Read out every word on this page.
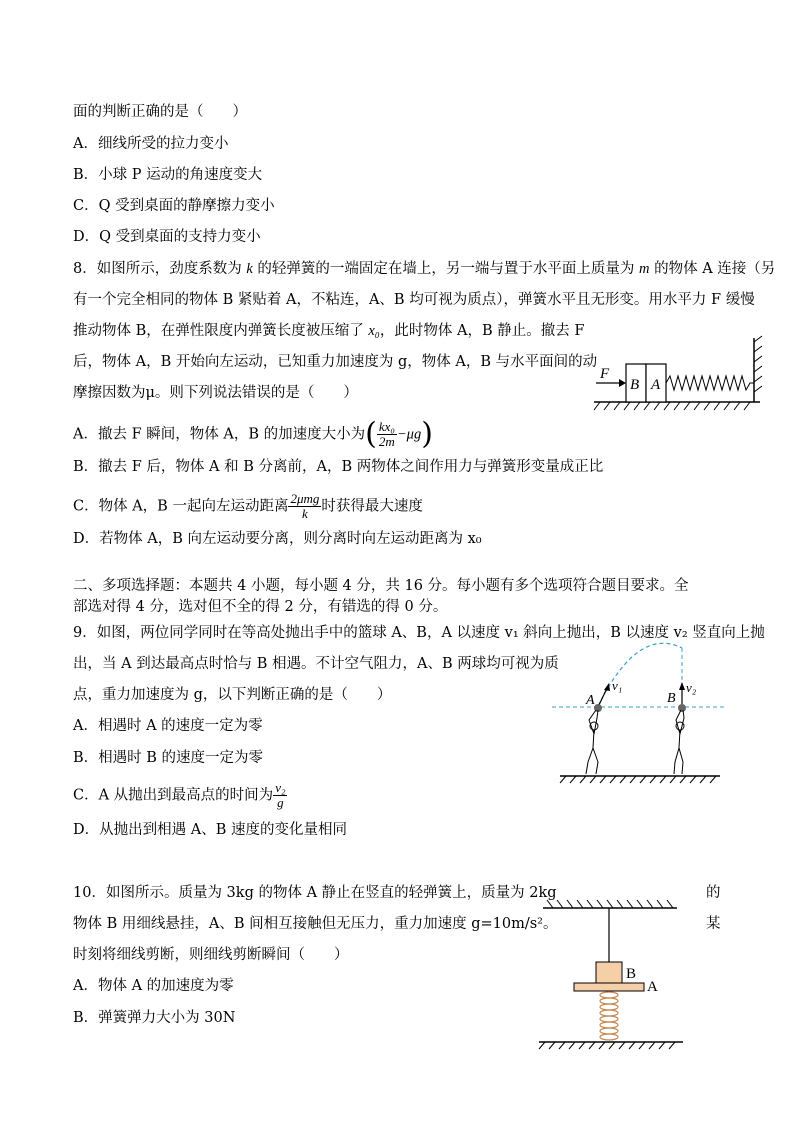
面的判断正确的是（　　）
A．细线所受的拉力变小
B．小球 P 运动的角速度变大
C．Q 受到桌面的静摩擦力变小
D．Q 受到桌面的支持力变小
8．如图所示，劲度系数为 k 的轻弹簧的一端固定在墙上，另一端与置于水平面上质量为 m 的物体 A 连接（另
有一个完全相同的物体 B 紧贴着 A，不粘连，A、B 均可视为质点），弹簧水平且无形变。用水平力 F 缓慢
推动物体 B，在弹性限度内弹簧长度被压缩了 x₀，此时物体 A，B 静止。撤去 F
后，物体 A，B 开始向左运动，已知重力加速度为 g，物体 A，B 与水平面间的动
摩擦因数为μ。则下列说法错误的是（　　）
F
B A
A．撤去 F 瞬间，物体 A，B 的加速度大小为( $\frac{\text{kx₀}}{2m} -\mu g$)
B．撤去 F 后，物体 A 和 B 分离前，A，B 两物体之间作用力与弹簧形变量成正比
C．物体 A，B 一起向左运动距离 $\frac{\text{2μmg}}{k}$ 时获得最大速度
D．若物体 A，B 向左运动要分离，则分离时向左运动距离为 x₀
二、多项选择题：本题共 4 小题，每小题 4 分，共 16 分。每小题有多个选项符合题目要求。全
部选对得 4 分，选对但不全的得 2 分，有错选的得 0 分。
9．如图，两位同学同时在等高处抛出手中的篮球 A、B，A 以速度 v₁ 斜向上抛出，B 以速度 v₂ 竖直向上抛
出，当 A 到达最高点时恰与 B 相遇。不计空气阻力，A、B 两球均可视为质
点，重力加速度为 g，以下判断正确的是（　　）
A．相遇时 A 的速度一定为零
B．相遇时 B 的速度一定为零
C．A 从抛出到最高点的时间为 $\frac{\text{v₂}}{g}$
D．从抛出到相遇 A、B 速度的变化量相同
A	B
v₁	v₂
10．如图所示。质量为 3kg 的物体 A 静止在竖直的轻弹簧上，质量为 2kg	的
物体 B 用细线悬挂，A、B 间相互接触但无压力，重力加速度 g=10m/s²。	某
时刻将细线剪断，则细线剪断瞬间（　　）
A．物体 A 的加速度为零
B．弹簧弹力大小为 30N
B
A
